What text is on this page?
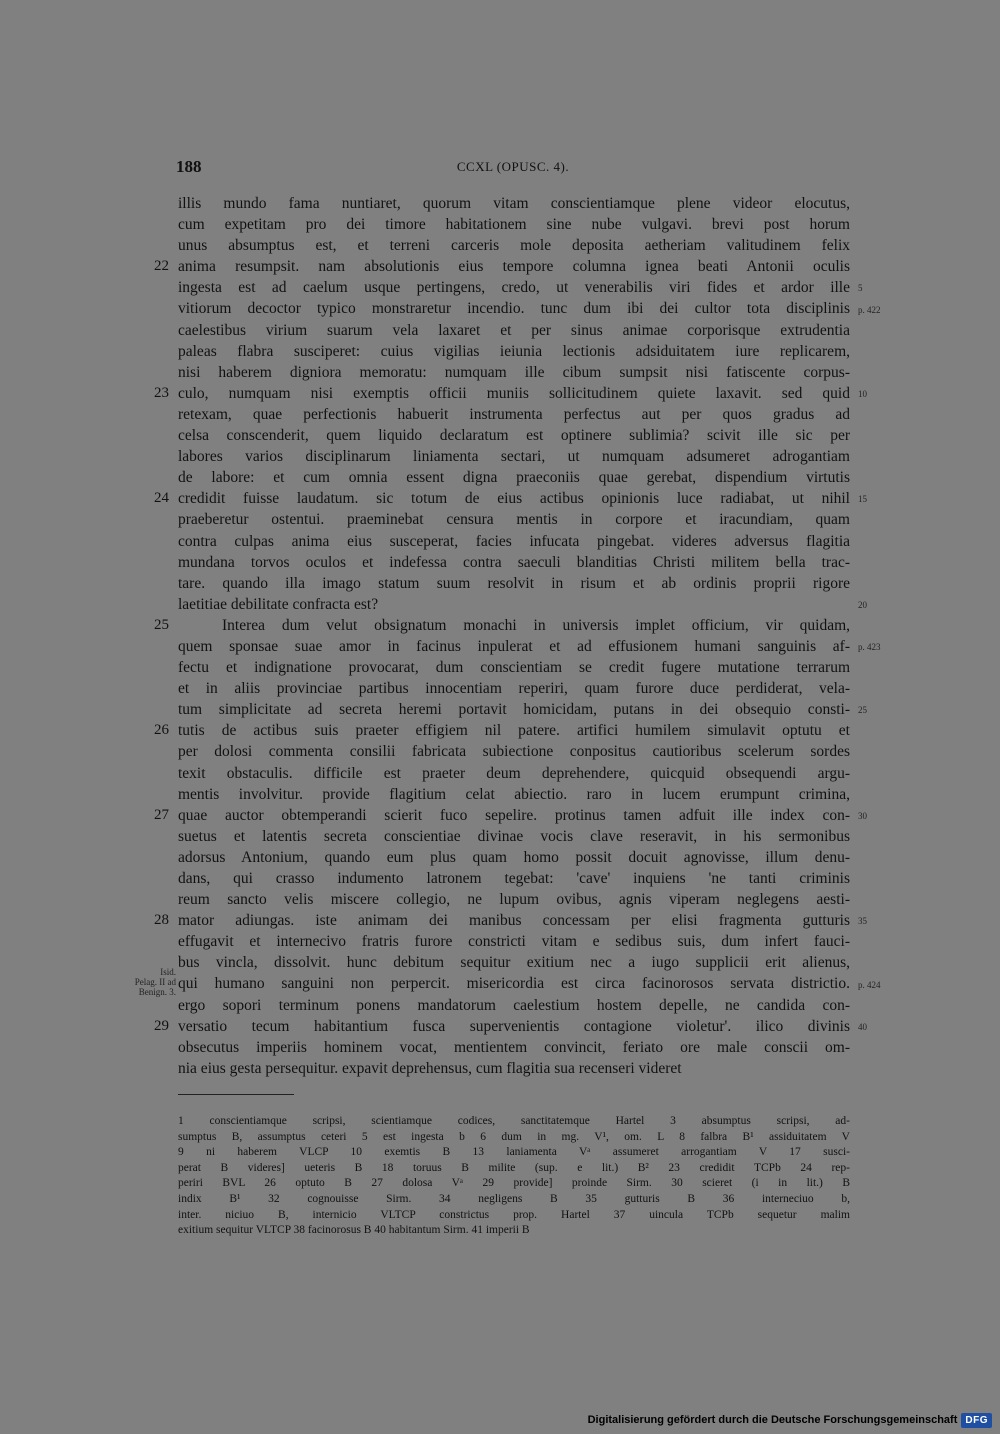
188	CCXL (OPUSC. 4).
illis mundo fama nuntiaret, quorum vitam conscientiamque plene videor elocutus,
cum expetitam pro dei timore habitationem sine nube vulgavi. brevi post horum
unus absumptus est, et terreni carceris mole deposita aetheriam valitudinem felix
22 anima resumpsit. nam absolutionis eius tempore columna ignea beati Antonii oculis
ingesta est ad caelum usque pertingens, credo, ut venerabilis viri fides et ardor ille
vitiorum decoctor typico monstraretur incendio. tunc dum ibi dei cultor tota disciplinis
caelestibus virium suarum vela laxaret et per sinus animae corporisque extrudentia
paleas flabra susciperet: cuius vigilias ieiunia lectionis adsiduitatem iure replicarem,
nisi haberem digniora memoratu: numquam ille cibum sumpsit nisi fatiscente corpus-
23 culo, numquam nisi exemptis officii muniis sollicitudinem quiete laxavit. sed quid
retexam, quae perfectionis habuerit instrumenta perfectus aut per quos gradus ad
celsa conscenderit, quem liquido declaratum est optinere sublimia? scivit ille sic per
labores varios disciplinarum liniamenta sectari, ut numquam adsumeret adrogantiam
de labore: et cum omnia essent digna praeconiis quae gerebat, dispendium virtutis
24 credidit fuisse laudatum. sic totum de eius actibus opinionis luce radiabat, ut nihil
praeberetur ostentui. praeminebat censura mentis in corpore et iracundiam, quam
contra culpas anima eius susceperat, facies infucata pingebat. videres adversus flagitia
mundana torvos oculos et indefessa contra saeculi blanditias Christi militem bella trac-
tare. quando illa imago statum suum resolvit in risum et ab ordinis proprii rigore
laetitiae debilitate confracta est?
25	Interea dum velut obsignatum monachi in universis implet officium, vir quidam,
quem sponsae suae amor in facinus inpulerat et ad effusionem humani sanguinis af-
fectu et indignatione provocarat, dum conscientiam se credit fugere mutatione terrarum
et in aliis provinciae partibus innocentiam reperiri, quam furore duce perdiderat, vela-
tum simplicitate ad secreta heremi portavit homicidam, putans in dei obsequio consti-
26 tutis de actibus suis praeter effigiem nil patere. artifici humilem simulavit optutu et
per dolosi commenta consilii fabricata subiectione conpositus cautioribus scelerum sordes
texit obstaculis. difficile est praeter deum deprehendere, quicquid obsequendi argu-
mentis involvitur. provide flagitium celat abiectio. raro in lucem erumpunt crimina,
27 quae auctor obtemperandi scierit fuco sepelire. protinus tamen adfuit ille index con-
suetus et latentis secreta conscientiae divinae vocis clave reseravit, in his sermonibus
adorsus Antonium, quando eum plus quam homo possit docuit agnovisse, illum denu-
dans, qui crasso indumento latronem tegebat: 'cave' inquiens 'ne tanti criminis
reum sancto velis miscere collegio, ne lupum ovibus, agnis viperam neglegens aesti-
28 mator adiungas. iste animam dei manibus concessam per elisi fragmenta gutturis
effugavit et internecivo fratris furore constricti vitam e sedibus suis, dum infert fauci-
bus vincla, dissolvit. hunc debitum sequitur exitium nec a iugo supplicii erit alienus,
qui humano sanguini non perpercit. misericordia est circa facinorosos servata districtio.
ergo sopori terminum ponens mandatorum caelestium hostem depelle, ne candida con-
29 versatio tecum habitantium fusca supervenientis contagione violetur'. ilico divinis
obsecutus imperiis hominem vocat, mentientem convincit, feriato ore male conscii om-
nia eius gesta persequitur. expavit deprehensus, cum flagitia sua recenseri videret
5
p. 422
10
15
20
p. 423
25
30
35
p. 424
40
Isid.
Pelag. II ad
Benign. 3.
1 conscientiamque scripsi, scientiamque codices, sanctitatemque Hartel 3 absumptus scripsi, ad-
sumptus B, assumptus ceteri 5 est ingesta b 6 dum in mg. V¹, om. L 8 falbra B¹ assiduitatem V
9 ni haberem VLCP 10 exemtis B 13 laniamenta Vᵃ assumeret arrogantiam V 17 susci-
perat B videres] ueteris B 18 toruus B milite (sup. e lit.) B² 23 credidit TCPb 24 rep-
periri BVL 26 optuto B 27 dolosa Vᵃ 29 provide] proinde Sirm. 30 scieret (i in lit.) B
indix B¹ 32 cognouisse Sirm. 34 negligens B 35 gutturis B 36 interneciuo b,
inter. niciuo B, internicio VLTCP constrictus prop. Hartel 37 uincula TCPb sequetur malim
exitium sequitur VLTCP 38 facinorosus B 40 habitantum Sirm. 41 imperii B
Digitalisierung gefördert durch die Deutsche Forschungsgemeinschaft DFG
